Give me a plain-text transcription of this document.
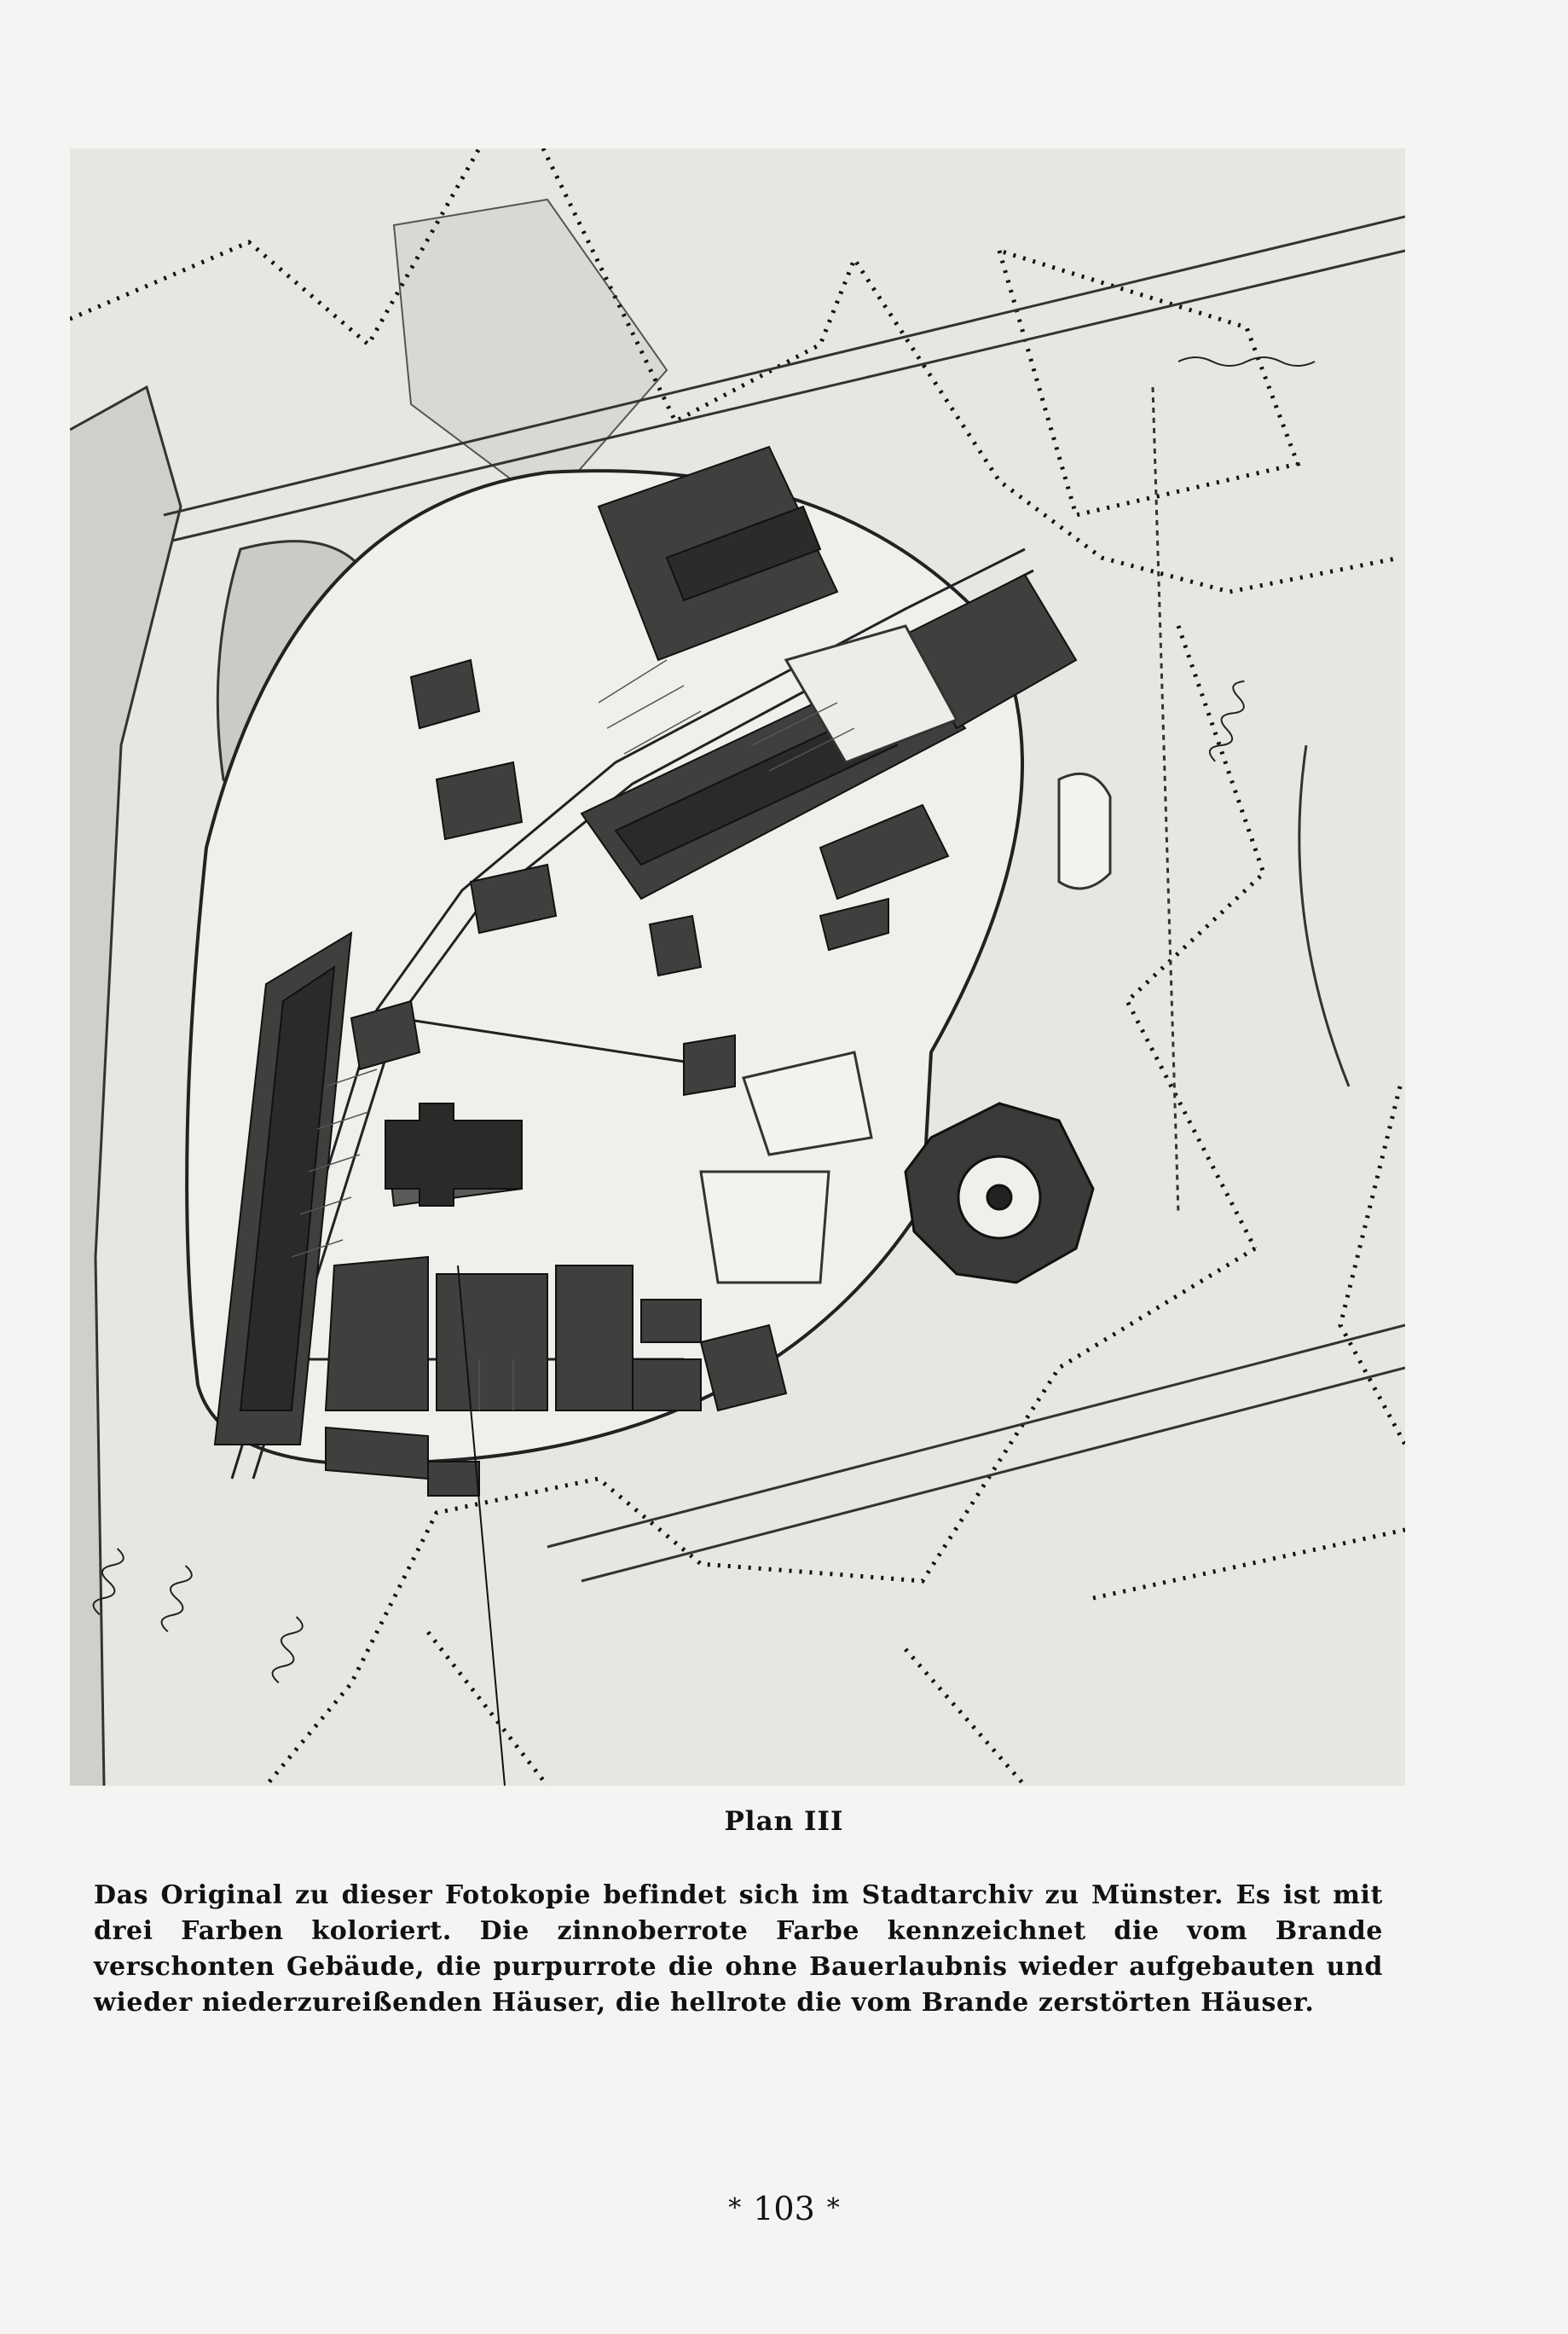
Plan III
Das Original zu dieser Fotokopie befindet sich im Stadtarchiv zu Münster. Es ist mit drei Farben koloriert. Die zinnoberrote Farbe kennzeichnet die vom Brande verschonten Gebäude, die purpurrote die ohne Bauerlaubnis wieder aufgebauten und wieder niederzureißenden Häuser, die hellrote die vom Brande zerstörten Häuser.
* 103 *
